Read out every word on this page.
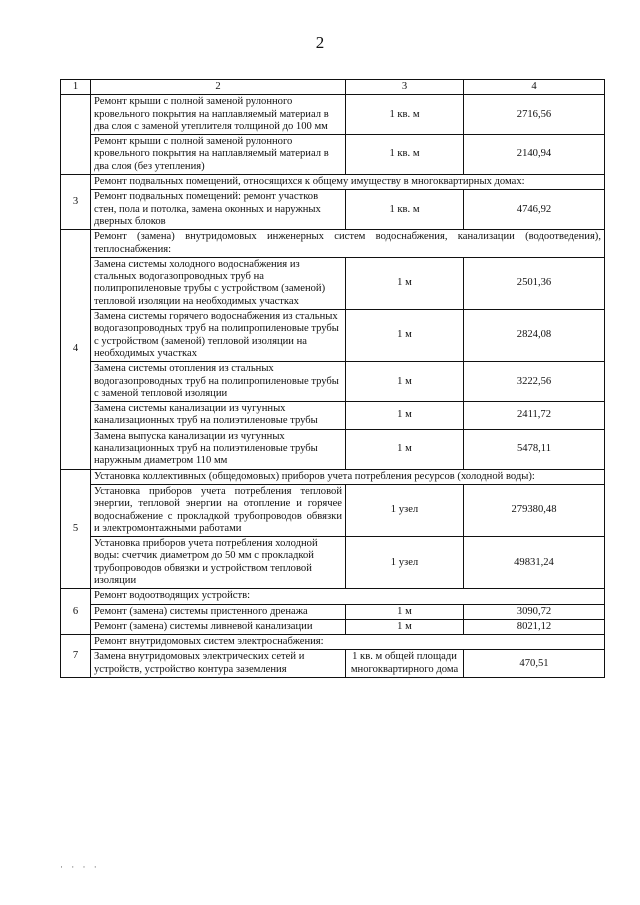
2
1	2	3	4
	Ремонт крыши с полной заменой рулонного кровельного покрытия на наплавляемый материал в два слоя с заменой утеплителя толщиной до 100 мм	1 кв. м	2716,56
	Ремонт крыши с полной заменой рулонного кровельного покрытия на наплавляемый материал в два слоя (без утепления)	1 кв. м	2140,94
3	Ремонт подвальных помещений, относящихся к общему имуществу в многоквартирных домах:		
	Ремонт подвальных помещений: ремонт участков стен, пола и потолка, замена оконных и наружных дверных блоков	1 кв. м	4746,92
4	Ремонт (замена) внутридомовых инженерных систем водоснабжения, канализации (водоотведения), теплоснабжения:		
	Замена системы холодного водоснабжения из стальных водогазопроводных труб на полипропиленовые трубы с устройством (заменой) тепловой изоляции на необходимых участках	1 м	2501,36
	Замена системы горячего водоснабжения из стальных водогазопроводных труб на полипропиленовые трубы с устройством (заменой) тепловой изоляции на необходимых участках	1 м	2824,08
	Замена системы отопления из стальных водогазопроводных труб на полипропиленовые трубы с заменой тепловой изоляции	1 м	3222,56
	Замена системы канализации из чугунных канализационных труб на полиэтиленовые трубы	1 м	2411,72
	Замена выпуска канализации из чугунных канализационных труб на полиэтиленовые трубы наружным диаметром 110 мм	1 м	5478,11
5	Установка коллективных (общедомовых) приборов учета потребления ресурсов (холодной воды):		
	Установка приборов учета потребления тепловой энергии, тепловой энергии на отопление и горячее водоснабжение с прокладкой трубопроводов обвязки и электромонтажными работами	1 узел	279380,48
	Установка приборов учета потребления холодной воды: счетчик диаметром до 50 мм с прокладкой трубопроводов обвязки и устройством тепловой изоляции	1 узел	49831,24
6	Ремонт водоотводящих устройств:		
	Ремонт (замена) системы пристенного дренажа	1 м	3090,72
	Ремонт (замена) системы ливневой канализации	1 м	8021,12
7	Ремонт внутридомовых систем электроснабжения:		
	Замена внутридомовых электрических сетей и устройств, устройство контура заземления	1 кв. м общей площади многоквартирного дома	470,51
· · · ·
